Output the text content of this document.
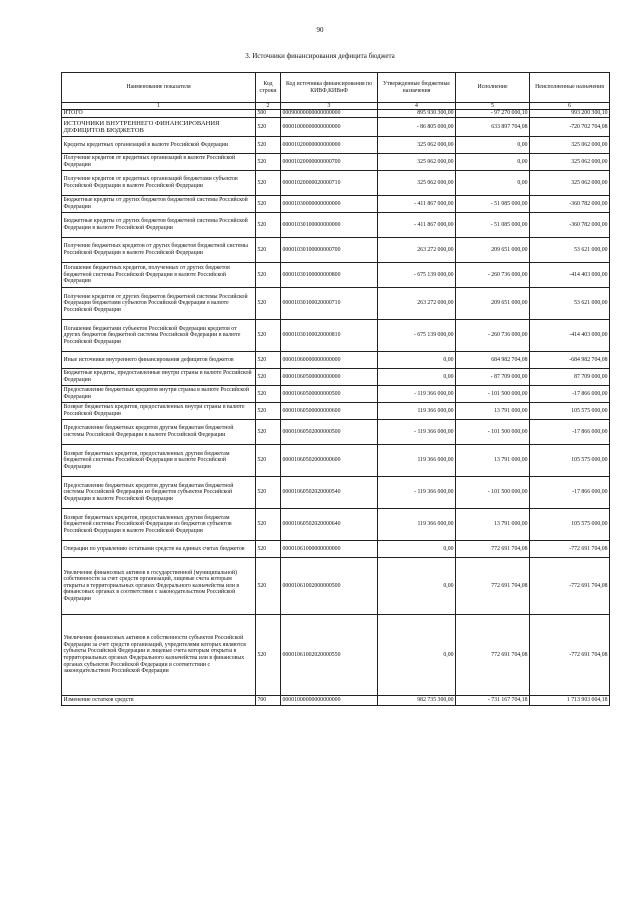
90
3. Источники финансирования дефицита бюджета
Наименование показателя	Код строки	Код источника финансирования по КИВФ,КИВнФ	Утвержденные бюджетные назначения	Исполнение	Неисполненные назначения
1	2	3	4	5	6
ИТОГО	500	00090000000000000000	895 930 300,00	- 97 270 000,10	993 200 300,10
ИСТОЧНИКИ ВНУТРЕННЕГО ФИНАНСИРОВАНИЯ ДЕФИЦИТОВ БЮДЖЕТОВ	520	00001000000000000000	- 86 805 000,00	633 897 704,08	-720 702 704,08
Кредиты кредитных организаций в валюте Российской Федерации	520	00001020000000000000	325 062 000,00	0,00	325 062 000,00
Получение кредитов от кредитных организаций в валюте Российской Федерации	520	00001020000000000700	325 062 000,00	0,00	325 062 000,00
Получение кредитов от кредитных организаций бюджетами субъектов Российской Федерации в валюте Российской Федерации	520	00001020000020000710	325 062 000,00	0,00	325 062 000,00
Бюджетные кредиты от других бюджетов бюджетной системы Российской Федерации	520	00001030000000000000	- 411 867 000,00	- 51 085 000,00	-360 782 000,00
Бюджетные кредиты от других бюджетов бюджетной системы Российской Федерации в валюте Российской Федерации	520	00001030100000000000	- 411 867 000,00	- 51 085 000,00	-360 782 000,00
Получение бюджетных кредитов от других бюджетов бюджетной системы Российской Федерации в валюте Российской Федерации	520	00001030100000000700	263 272 000,00	209 651 000,00	53 621 000,00
Погашение бюджетных кредитов, полученных от других бюджетов бюджетной системы Российской Федерации в валюте Российской Федерации	520	00001030100000000800	- 675 139 000,00	- 260 736 000,00	-414 403 000,00
Получение кредитов от других бюджетов бюджетной системы Российской Федерации бюджетами субъектов Российской Федерации в валюте Российской Федерации	520	00001030100020000710	263 272 000,00	209 651 000,00	53 621 000,00
Погашение бюджетами субъектов Российской Федерации кредитов от других бюджетов бюджетной системы Российской Федерации в валюте Российской Федерации	520	00001030100020000810	- 675 139 000,00	- 260 736 000,00	-414 403 000,00
Иные источники внутреннего финансирования дефицитов бюджетов	520	00001060000000000000	0,00	684 982 704,08	-684 982 704,08
Бюджетные кредиты, предоставленные внутри страны в валюте Российской Федерации	520	00001060500000000000	0,00	- 87 709 000,00	87 709 000,00
Предоставление бюджетных кредитов внутри страны в валюте Российской Федерации	520	00001060500000000500	- 119 366 000,00	- 101 500 000,00	-17 866 000,00
Возврат бюджетных кредитов, предоставленных внутри страны в валюте Российской Федерации	520	00001060500000000600	119 366 000,00	13 791 000,00	105 575 000,00
Предоставление бюджетных кредитов другим бюджетам бюджетной системы Российской Федерации в валюте Российской Федерации	520	00001060502000000500	- 119 366 000,00	- 101 500 000,00	-17 866 000,00
Возврат бюджетных кредитов, предоставленных другим бюджетам бюджетной системы Российской Федерации в валюте Российской Федерации	520	00001060502000000600	119 366 000,00	13 791 000,00	105 575 000,00
Предоставление бюджетных кредитов другим бюджетам бюджетной системы Российской Федерации из бюджетов субъектов Российской Федерации в валюте Российской Федерации	520	00001060502020000540	- 119 366 000,00	- 101 500 000,00	-17 866 000,00
Возврат бюджетных кредитов, предоставленных другим бюджетам бюджетной системы Российской Федерации из бюджетов субъектов Российской Федерации в валюте Российской Федерации	520	00001060502020000640	119 366 000,00	13 791 000,00	105 575 000,00
Операции по управлению остатками средств на единых счетах бюджетов	520	00001061000000000000	0,00	772 691 704,08	-772 691 704,08
Увеличение финансовых активов в государственной (муниципальной) собственности за счет средств организаций, лицевые счета которым открыты в территориальных органах Федерального казначейства или в финансовых органах в соответствии с законодательством Российской Федерации	520	00001061002000000500	0,00	772 691 704,08	-772 691 704,08
Увеличение финансовых активов в собственности субъектов Российской Федерации за счет средств организаций, учредителями которых являются субъекты Российской Федерации и лицевые счета которым открыты в территориальных органах Федерального казначейства или в финансовых органах субъектов Российской Федерации в соответствии с законодательством Российской Федерации	520	00001061002020000550	0,00	772 691 704,08	-772 691 704,08
Изменение остатков средств	700	00001000000000000000	982 735 300,00	- 731 167 704,18	1 713 903 004,18
